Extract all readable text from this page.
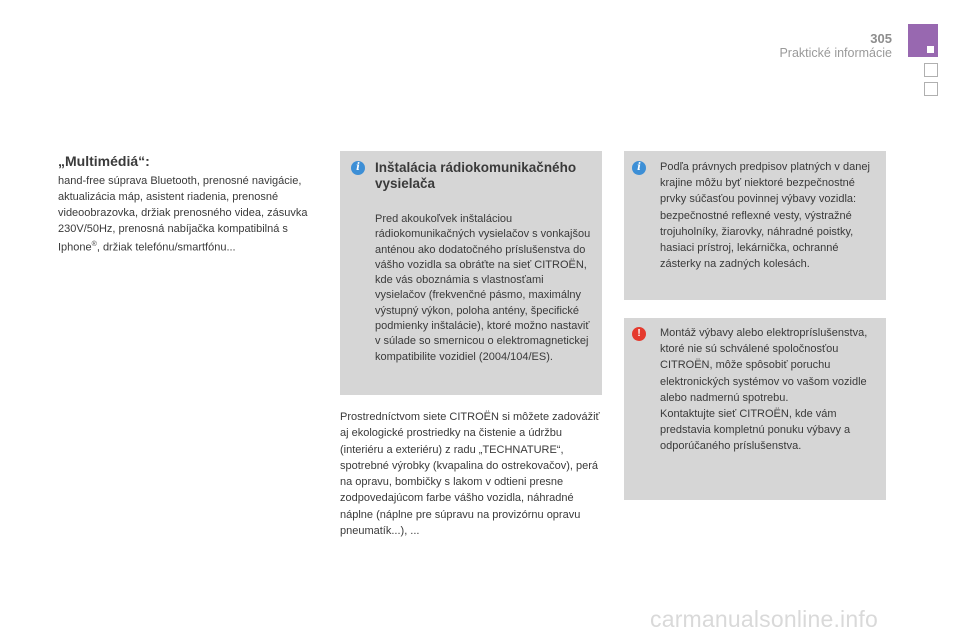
305
Praktické informácie
„Multimédiá“:
hand-free súprava Bluetooth, prenosné navigácie, aktualizácia máp, asistent riadenia, prenosné videoobrazovka, držiak prenosného videa, zásuvka 230V/50Hz, prenosná nabíjačka kompatibilná s Iphone®, držiak telefónu/smartfónu...
i	Inštalácia rádiokomunikačného vysielača
Pred akoukoľvek inštaláciou rádiokomunikačných vysielačov s vonkajšou anténou ako dodatočného príslušenstva do vášho vozidla sa obráťte na sieť CITROËN, kde vás oboznámia s vlastnosťami vysielačov (frekvenčné pásmo, maximálny výstupný výkon, poloha antény, špecifické podmienky inštalácie), ktoré možno nastaviť v súlade so smernicou o elektromagnetickej kompatibilite vozidiel (2004/104/ES).
Prostredníctvom siete CITROËN si môžete zadovážiť aj ekologické prostriedky na čistenie a údržbu (interiéru a exteriéru) z radu „TECHNATURE“, spotrebné výrobky (kvapalina do ostrekovačov), perá na opravu, bombičky s lakom v odtieni presne zodpovedajúcom farbe vášho vozidla, náhradné náplne (náplne pre súpravu na provizórnu opravu pneumatík...), ...
i	Podľa právnych predpisov platných v danej krajine môžu byť niektoré bezpečnostné prvky súčasťou povinnej výbavy vozidla: bezpečnostné reflexné vesty, výstražné trojuholníky, žiarovky, náhradné poistky, hasiaci prístroj, lekárnička, ochranné zásterky na zadných kolesách.
!	Montáž výbavy alebo elektropríslušenstva, ktoré nie sú schválené spoločnosťou CITROËN, môže spôsobiť poruchu elektronických systémov vo vašom vozidle alebo nadmernú spotrebu.
Kontaktujte sieť CITROËN, kde vám predstavia kompletnú ponuku výbavy a odporúčaného príslušenstva.
carmanualsonline.info
